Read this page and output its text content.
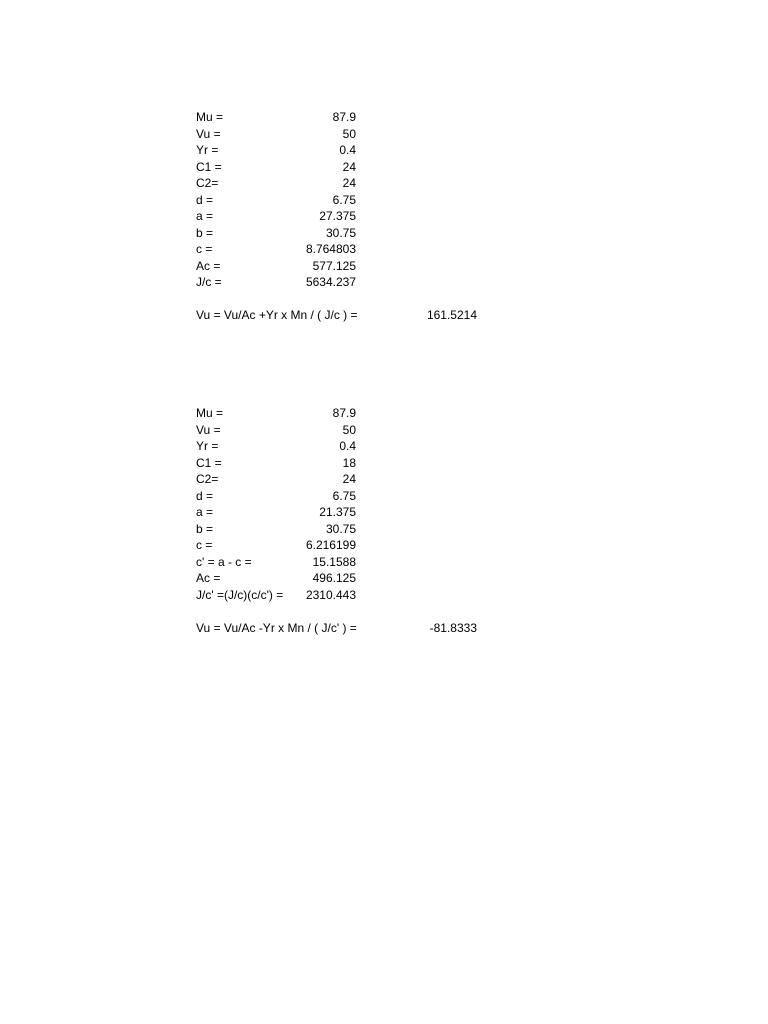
Mu =	87.9
Vu =	50
Yr =	0.4
C1 =	24
C2=	24
d =	6.75
a =	27.375
b =	30.75
c =	8.764803
Ac =	577.125
J/c =	5634.237
Vu = Vu/Ac +Yr x Mn / ( J/c ) =	161.5214
Mu =	87.9
Vu =	50
Yr =	0.4
C1 =	18
C2=	24
d =	6.75
a =	21.375
b =	30.75
c =	6.216199
c' = a - c =	15.1588
Ac =	496.125
J/c' =(J/c)(c/c') = 2310.443
Vu = Vu/Ac -Yr x Mn / ( J/c' ) =	-81.8333
